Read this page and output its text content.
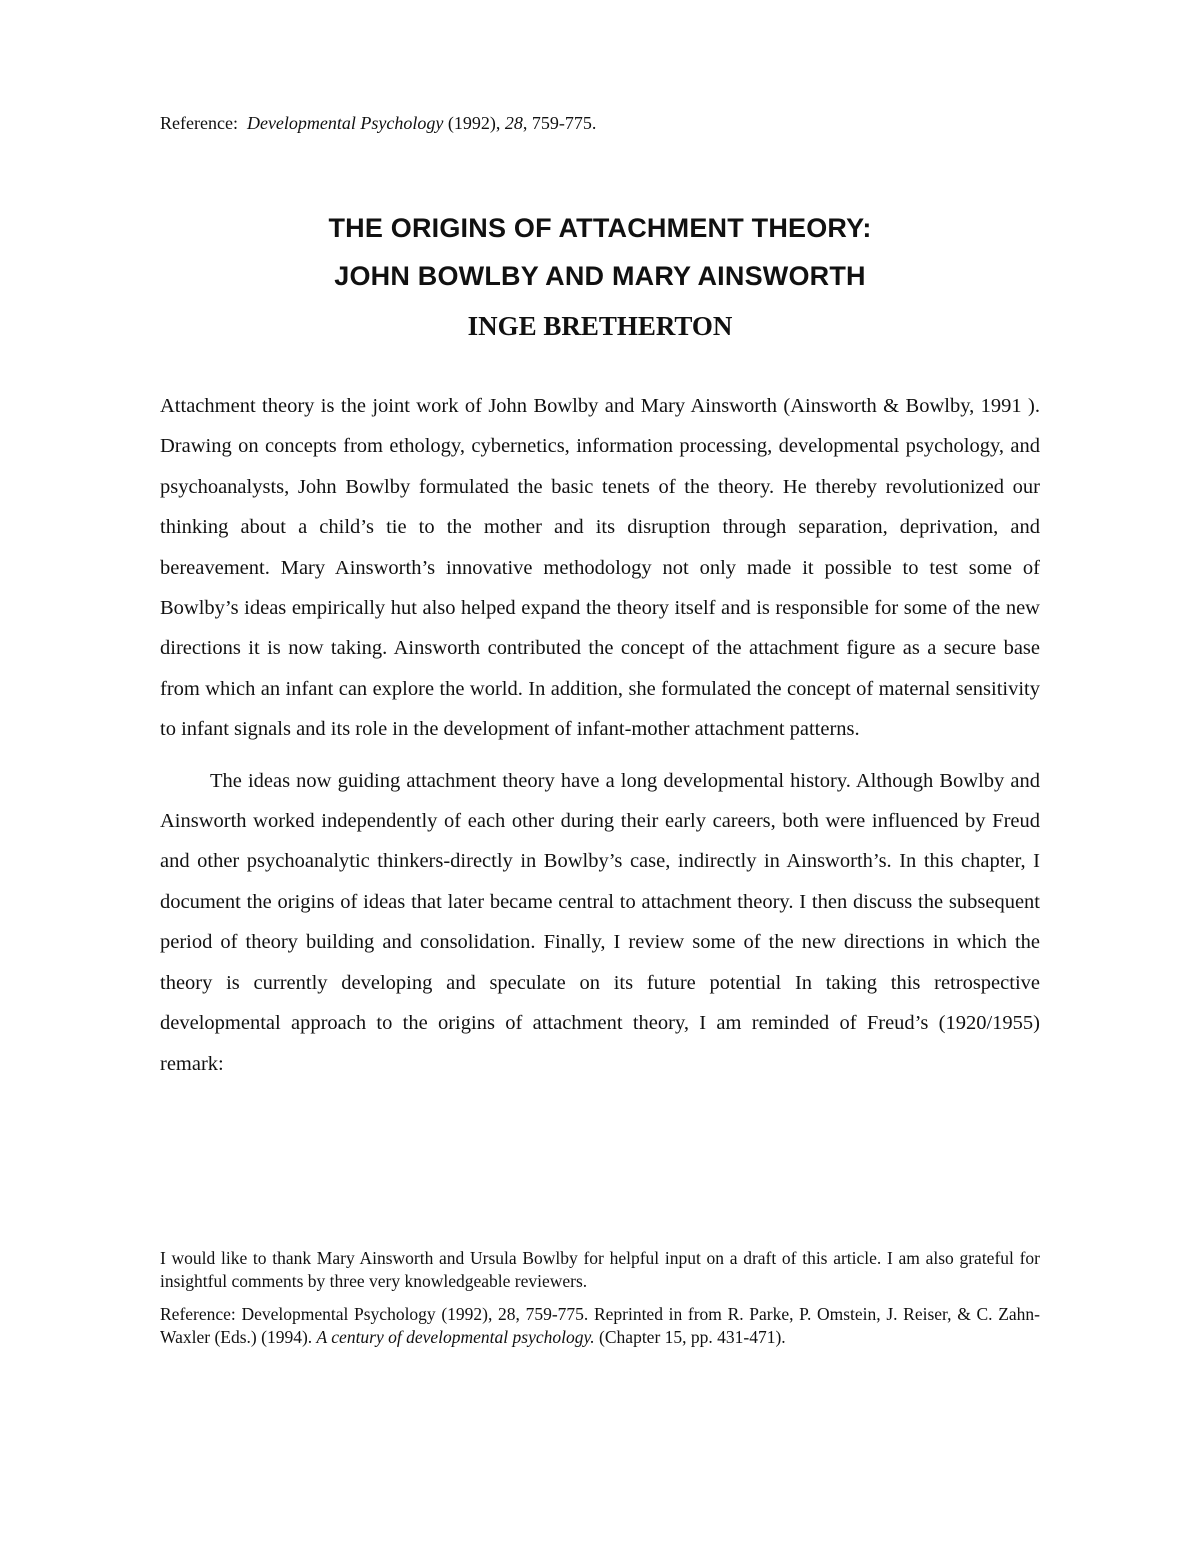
Reference: Developmental Psychology (1992), 28, 759-775.

THE ORIGINS OF ATTACHMENT THEORY:
JOHN BOWLBY AND MARY AINSWORTH
INGE BRETHERTON

Attachment theory is the joint work of John Bowlby and Mary Ainsworth (Ainsworth & Bowlby, 1991 ). Drawing on concepts from ethology, cybernetics, information processing, developmental psychology, and psychoanalysts, John Bowlby formulated the basic tenets of the theory. He thereby revolutionized our thinking about a child’s tie to the mother and its disruption through separation, deprivation, and bereavement. Mary Ainsworth’s innovative methodology not only made it possible to test some of Bowlby’s ideas empirically hut also helped expand the theory itself and is responsible for some of the new directions it is now taking. Ainsworth contributed the concept of the attachment figure as a secure base from which an infant can explore the world. In addition, she formulated the concept of maternal sensitivity to infant signals and its role in the development of infant-mother attachment patterns.

The ideas now guiding attachment theory have a long developmental history. Although Bowlby and Ainsworth worked independently of each other during their early careers, both were influenced by Freud and other psychoanalytic thinkers-directly in Bowlby’s case, indirectly in Ainsworth’s. In this chapter, I document the origins of ideas that later became central to attachment theory. I then discuss the subsequent period of theory building and consolidation. Finally, I review some of the new directions in which the theory is currently developing and speculate on its future potential In taking this retrospective developmental approach to the origins of attachment theory, I am reminded of Freud’s (1920/1955) remark:

I would like to thank Mary Ainsworth and Ursula Bowlby for helpful input on a draft of this article. I am also grateful for insightful comments by three very knowledgeable reviewers.

Reference: Developmental Psychology (1992), 28, 759-775. Reprinted in from R. Parke, P. Omstein, J. Reiser, & C. Zahn-Waxler (Eds.) (1994). A century of developmental psychology. (Chapter 15, pp. 431-471).
